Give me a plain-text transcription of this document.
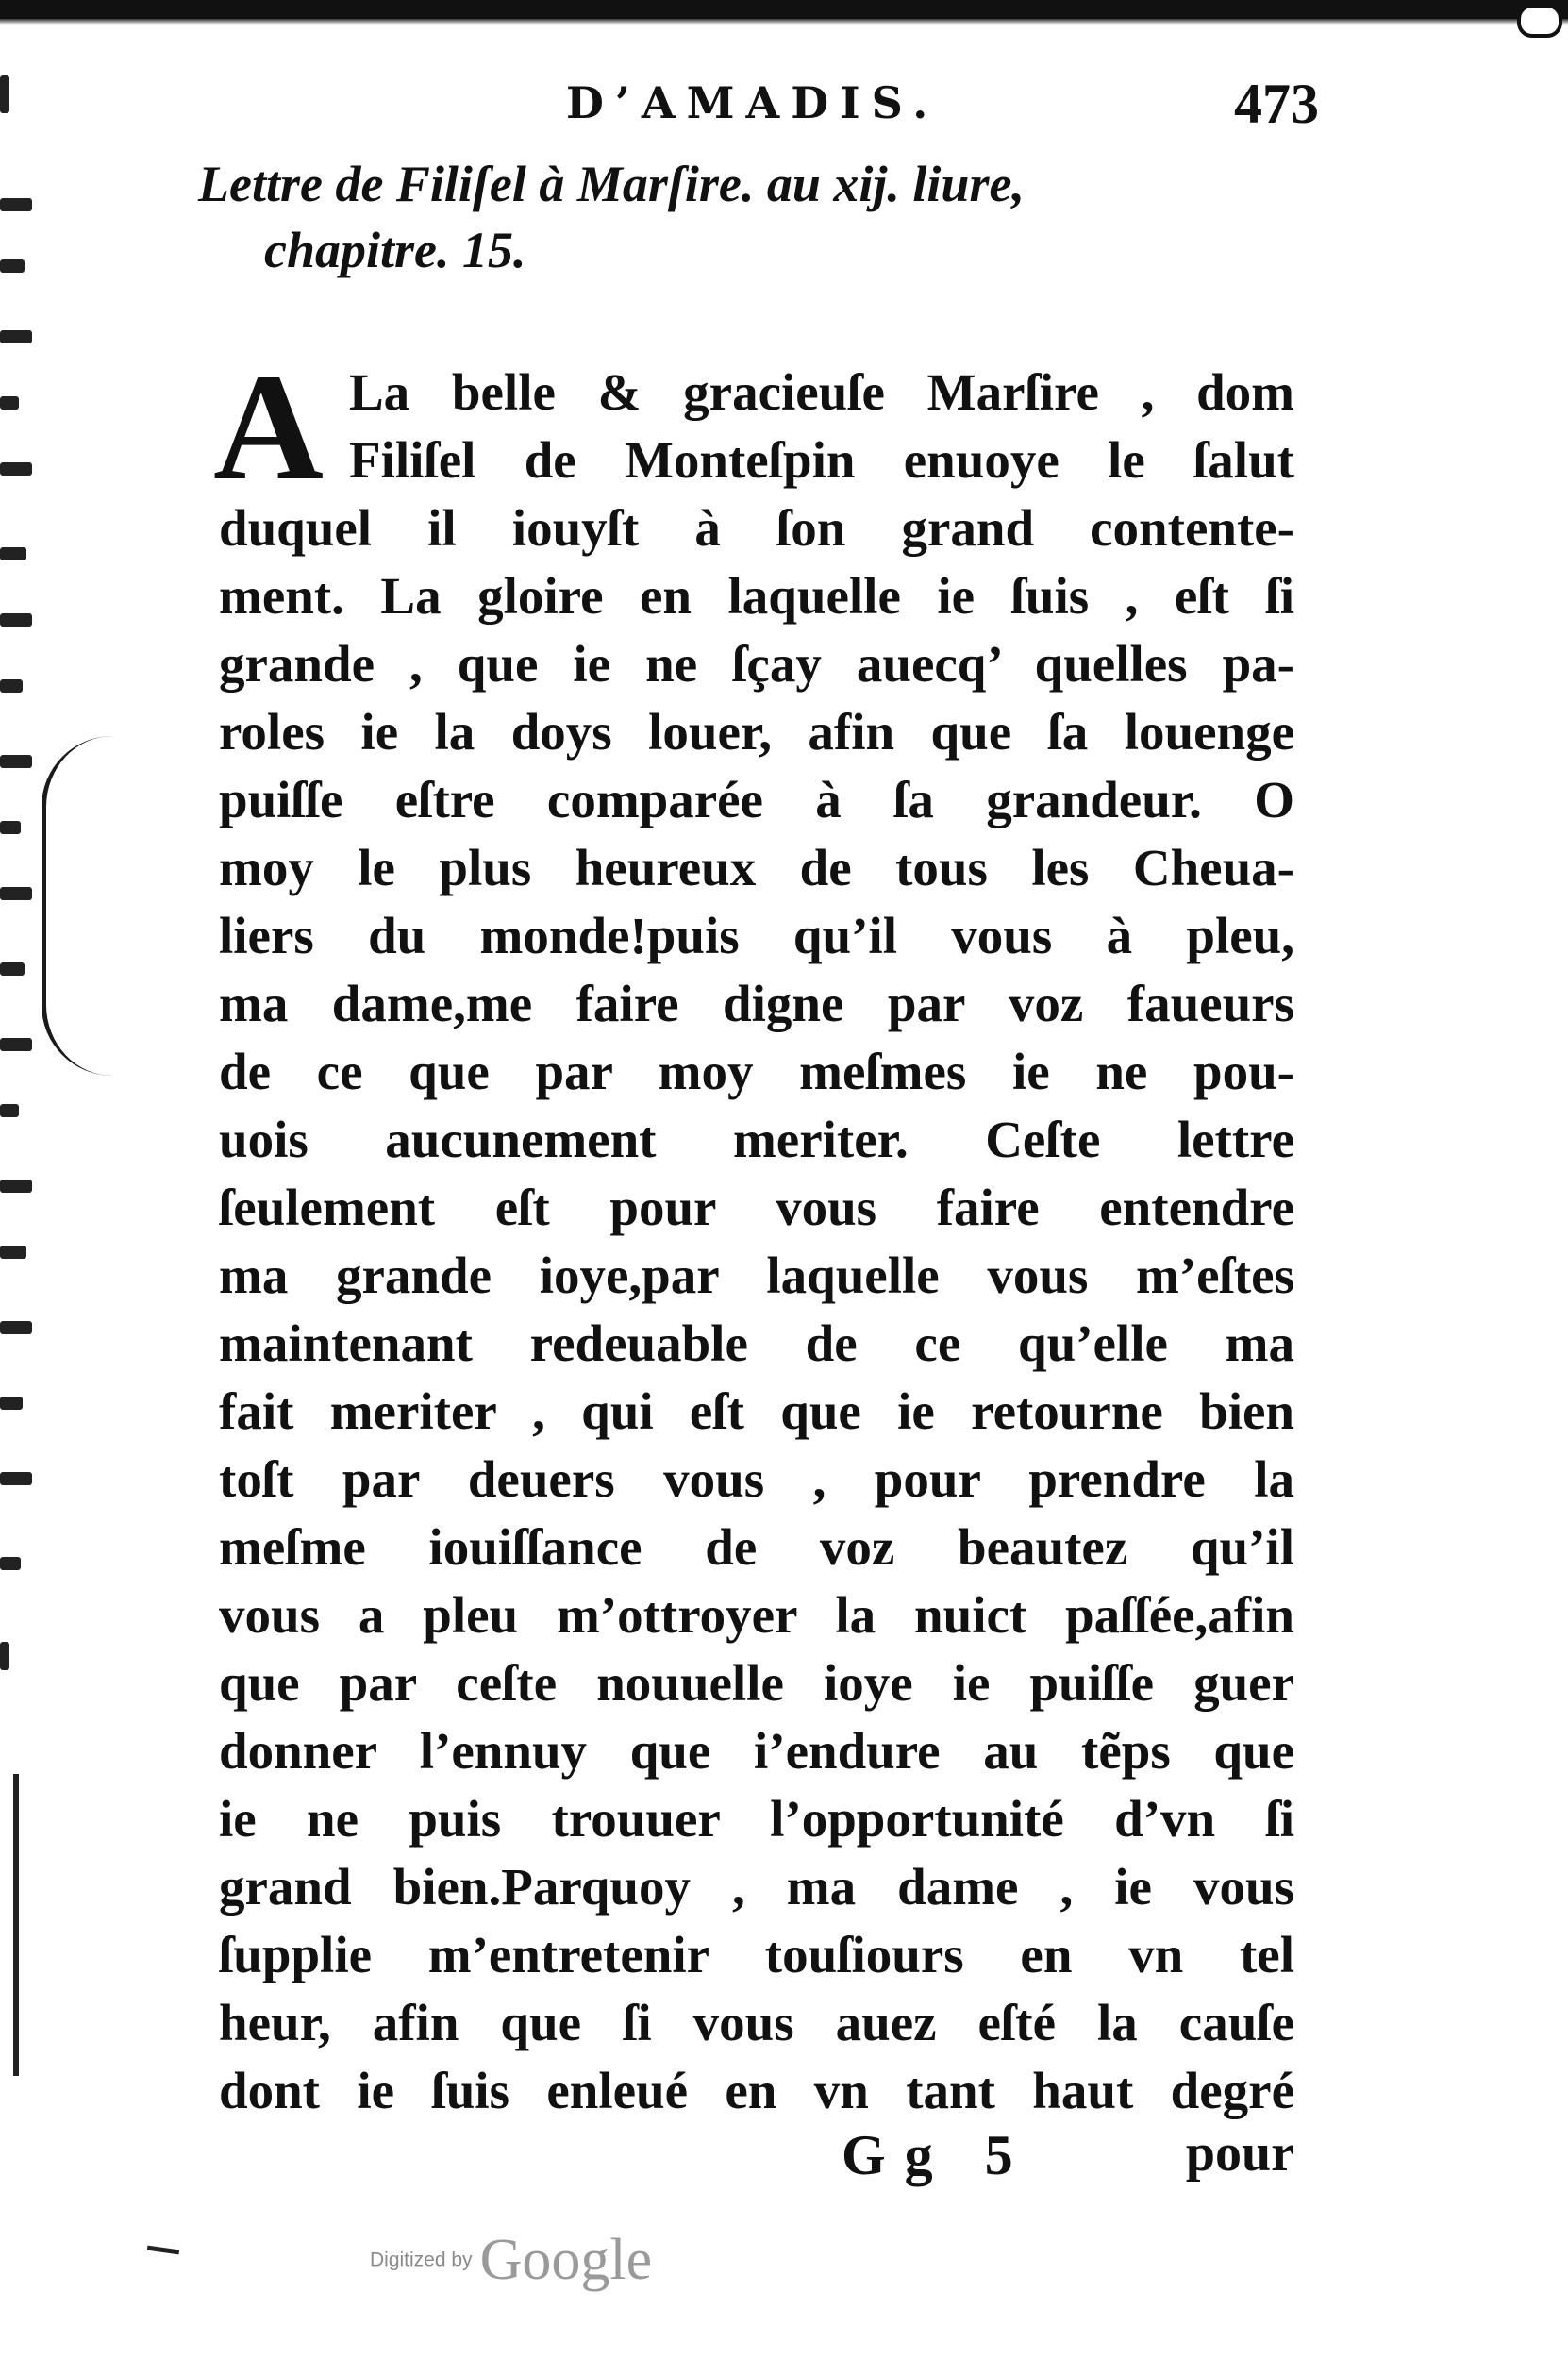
D’AMADIS.	473
Lettre de Filiſel à Marſire. au xij. liure,
chapitre. 15.
A La belle & gracieuſe Marſire , dom
Filiſel de Monteſpin enuoye le ſalut
duquel il iouyſt à ſon grand contente-
ment. La gloire en laquelle ie ſuis , eſt ſi
grande , que ie ne ſçay auecq’ quelles pa-
roles ie la doys louer, afin que ſa louenge
puiſſe eſtre comparée à ſa grandeur. O
moy le plus heureux de tous les Cheua-
liers du monde!puis qu’il vous à pleu,
ma dame,me faire digne par voz faueurs
de ce que par moy meſmes ie ne pou-
uois aucunement meriter. Ceſte lettre
ſeulement eſt pour vous faire entendre
ma grande ioye,par laquelle vous m’eſtes
maintenant redeuable de ce qu’elle ma
fait meriter , qui eſt que ie retourne bien
toſt par deuers vous , pour prendre la
meſme iouiſſance de voz beautez qu’il
vous a pleu m’ottroyer la nuict paſſée,afin
que par ceſte nouuelle ioye ie puiſſe guer
donner l’ennuy que i’endure au tẽps que
ie ne puis trouuer l’opportunité d’vn ſi
grand bien.Parquoy , ma dame , ie vous
ſupplie m’entretenir touſiours en vn tel
heur, afin que ſi vous auez eſté la cauſe
dont ie ſuis enleué en vn tant haut degré
Gg 5	pour
Digitized by Google
